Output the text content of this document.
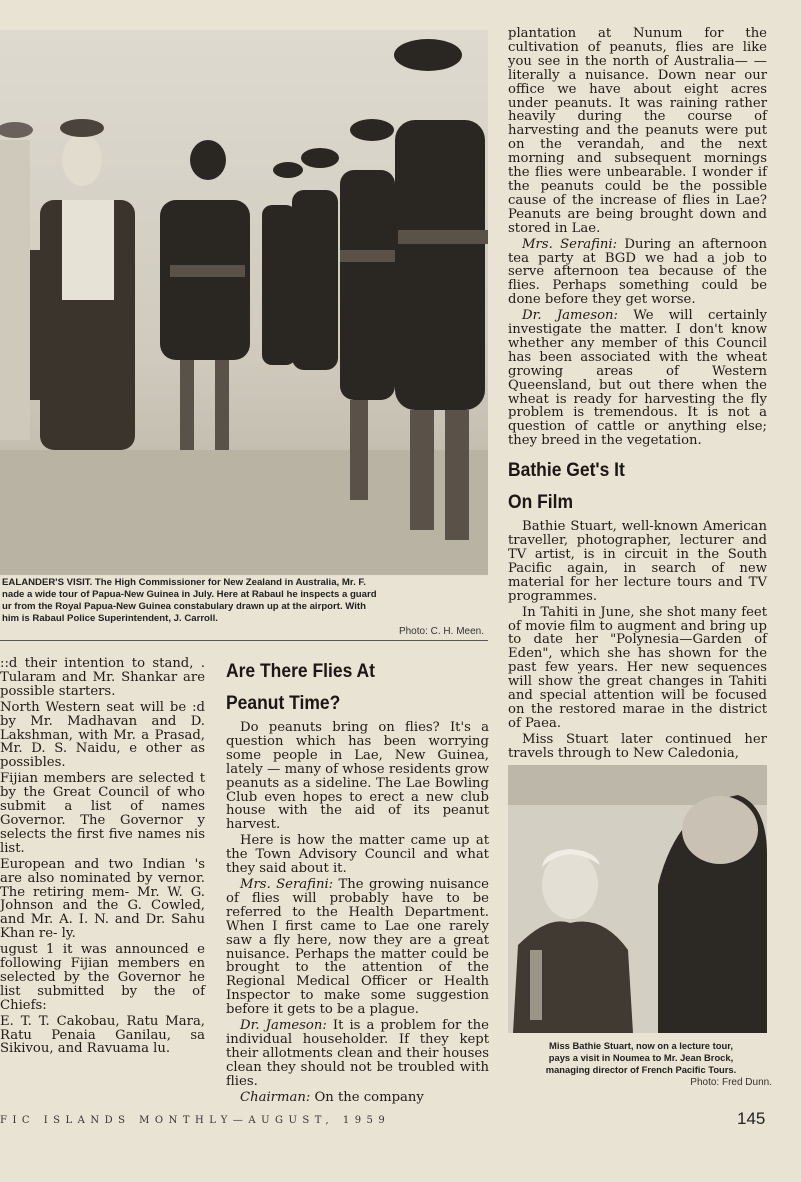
EALANDER'S VISIT. The High Commissioner for New Zealand in Australia, Mr. F.
nade a wide tour of Papua-New Guinea in July. Here at Rabaul he inspects a guard
ur from the Royal Papua-New Guinea constabulary drawn up at the airport. With
him is Rabaul Police Superintendent, J. Carroll.
Photo: C. H. Meen.

::d their intention to stand, . Tularam and Mr. Shankar are possible starters.

North Western seat will be :d by Mr. Madhavan and D. Lakshman, with Mr. a Prasad, Mr. D. S. Naidu, e other as possibles.

Fijian members are selected t by the Great Council of who submit a list of names Governor. The Governor y selects the first five names nis list.

European and two Indian 's are also nominated by vernor. The retiring mem- Mr. W. G. Johnson and the G. Cowled, and Mr. A. I. N. and Dr. Sahu Khan re- ly.

ugust 1 it was announced e following Fijian members en selected by the Governor he list submitted by the of Chiefs:

E. T. T. Cakobau, Ratu Mara, Ratu Penaia Ganilau, sa Sikivou, and Ravuama lu.

Are There Flies At
Peanut Time?

Do peanuts bring on flies? It's a question which has been worrying some people in Lae, New Guinea, lately — many of whose residents grow peanuts as a sideline. The Lae Bowling Club even hopes to erect a new club house with the aid of its peanut harvest.

Here is how the matter came up at the Town Advisory Council and what they said about it.

Mrs. Serafini: The growing nuisance of flies will probably have to be referred to the Health Department. When I first came to Lae one rarely saw a fly here, now they are a great nuisance. Perhaps the matter could be brought to the attention of the Regional Medical Officer or Health Inspector to make some suggestion before it gets to be a plague.

Dr. Jameson: It is a problem for the individual householder. If they kept their allotments clean and their houses clean they should not be troubled with flies.

Chairman: On the company

plantation at Nunum for the cultivation of peanuts, flies are like you see in the north of Australia— —literally a nuisance. Down near our office we have about eight acres under peanuts. It was raining rather heavily during the course of harvesting and the peanuts were put on the verandah, and the next morning and subsequent mornings the flies were unbearable. I wonder if the peanuts could be the possible cause of the increase of flies in Lae? Peanuts are being brought down and stored in Lae.

Mrs. Serafini: During an afternoon tea party at BGD we had a job to serve afternoon tea because of the flies. Perhaps something could be done before they get worse.

Dr. Jameson: We will certainly investigate the matter. I don't know whether any member of this Council has been associated with the wheat growing areas of Western Queensland, but out there when the wheat is ready for harvesting the fly problem is tremendous. It is not a question of cattle or anything else; they breed in the vegetation.

Bathie Get's It
On Film

Bathie Stuart, well-known American traveller, photographer, lecturer and TV artist, is in circuit in the South Pacific again, in search of new material for her lecture tours and TV programmes.

In Tahiti in June, she shot many feet of movie film to augment and bring up to date her "Polynesia—Garden of Eden", which she has shown for the past few years. Her new sequences will show the great changes in Tahiti and special attention will be focused on the restored marae in the district of Paea.

Miss Stuart later continued her travels through to New Caledonia,

Miss Bathie Stuart, now on a lecture tour,
pays a visit in Noumea to Mr. Jean Brock,
managing director of French Pacific Tours.
Photo: Fred Dunn.
FIC ISLANDS MONTHLY—AUGUST, 1959	145
